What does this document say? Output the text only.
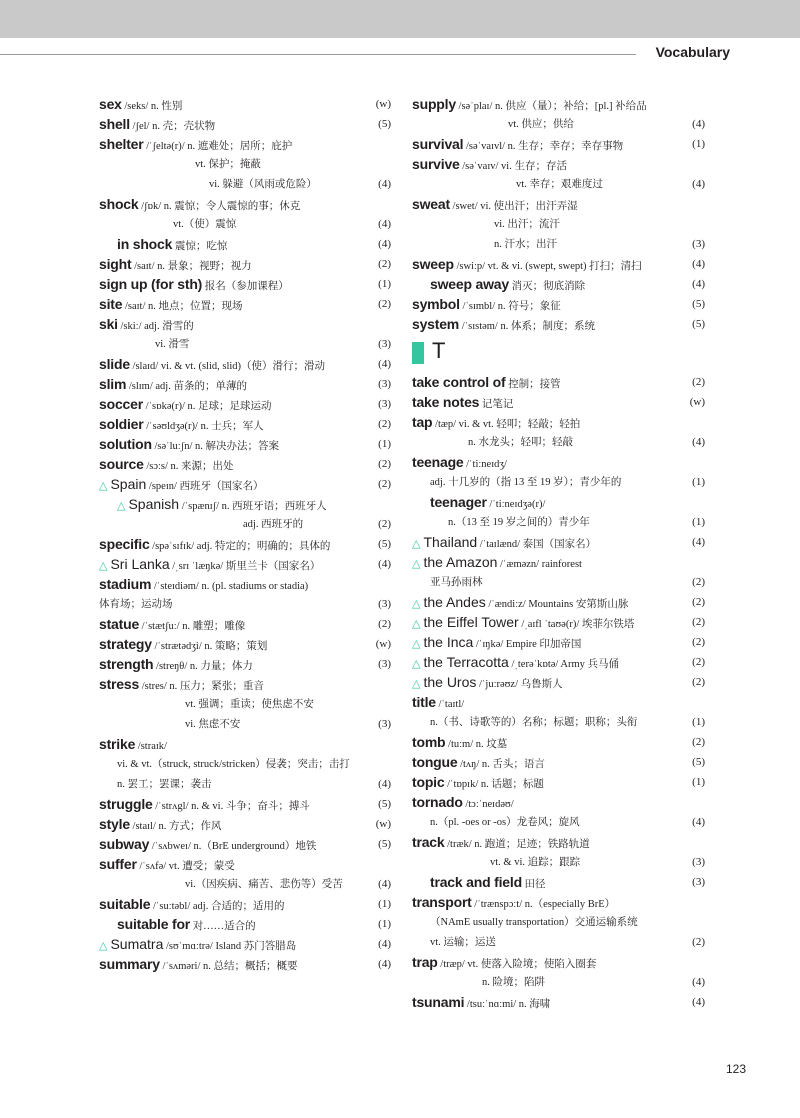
Vocabulary
sex /seks/ n. 性别	(w)
shell /ʃel/ n. 壳；壳状物	(5)
shelter /ˈʃeltə(r)/ n. 遮难处；居所；庇护
vt. 保护；掩蔽
vi. 躲避（风雨或危险）	(4)
shock /ʃɒk/ n. 震惊；令人震惊的事；休克
vt.（使）震惊	(4)
in shock 震惊；吃惊	(4)
sight /saɪt/ n. 景象；视野；视力	(2)
sign up (for sth) 报名（参加课程）	(1)
site /saɪt/ n. 地点；位置；现场	(2)
ski /skiː/ adj. 滑雪的
vi. 滑雪	(3)
slide /slaɪd/ vi. & vt. (slid, slid)（使）滑行；滑动	(4)
slim /slɪm/ adj. 苗条的；单薄的	(3)
soccer /ˈsɒkə(r)/ n. 足球；足球运动	(3)
soldier /ˈsəʊldʒə(r)/ n. 士兵；军人	(2)
solution /səˈluːʃn/ n. 解决办法；答案	(1)
source /sɔːs/ n. 来源；出处	(2)
△ Spain /speɪn/ 西班牙（国家名）	(2)
△ Spanish /ˈspænɪʃ/ n. 西班牙语；西班牙人
adj. 西班牙的	(2)
specific /spəˈsɪfɪk/ adj. 特定的；明确的；具体的	(5)
△ Sri Lanka /ˌsrɪ ˈlæŋkə/ 斯里兰卡（国家名）	(4)
stadium /ˈsteɪdiəm/ n. (pl. stadiums or stadia)
体育场；运动场	(3)
statue /ˈstætʃuː/ n. 雕塑；雕像	(2)
strategy /ˈstrætədʒi/ n. 策略；策划	(w)
strength /streŋθ/ n. 力量；体力	(3)
stress /stres/ n. 压力；紧张；重音
vt. 强调；重读；使焦虑不安
vi. 焦虑不安	(3)
strike /straɪk/
vi. & vt.（struck, struck/stricken）侵袭；突击；击打
n. 罢工；罢课；袭击	(4)
struggle /ˈstrʌgl/ n. & vi. 斗争；奋斗；搏斗	(5)
style /staɪl/ n. 方式；作风	(w)
subway /ˈsʌbweɪ/ n.（BrE underground）地铁	(5)
suffer /ˈsʌfə/ vt. 遭受；蒙受
vi.（因疾病、痛苦、悲伤等）受苦	(4)
suitable /ˈsuːtəbl/ adj. 合适的；适用的	(1)
suitable for 对……适合的	(1)
△ Sumatra /sʊˈmɑːtrə/ Island 苏门答腊岛	(4)
summary /ˈsʌməri/ n. 总结；概括；概要	(4)
supply /səˈplaɪ/ n. 供应（量）；补给；[pl.] 补给品
vt. 供应；供给	(4)
survival /səˈvaɪvl/ n. 生存；幸存；幸存事物	(1)
survive /səˈvaɪv/ vi. 生存；存活
vt. 幸存；艰难度过	(4)
sweat /swet/ vi. 使出汗；出汗弄湿
vi. 出汗；流汗
n. 汗水；出汗	(3)
sweep /swiːp/ vt. & vi. (swept, swept) 打扫；清扫	(4)
sweep away 消灭；彻底消除	(4)
symbol /ˈsɪmbl/ n. 符号；象征	(5)
system /ˈsɪstəm/ n. 体系；制度；系统	(5)
T
take control of 控制；接管	(2)
take notes 记笔记	(w)
tap /tæp/ vi. & vt. 轻叩；轻敲；轻拍
n. 水龙头；轻叩；轻敲	(4)
teenage /ˈtiːneɪdʒ/
adj. 十几岁的（指 13 至 19 岁）；青少年的	(1)
teenager /ˈtiːneɪdʒə(r)/
n.（13 至 19 岁之间的）青少年	(1)
△ Thailand /ˈtaɪlænd/ 泰国（国家名）	(4)
△ the Amazon /ˈæməzn/ rainforest
亚马孙雨林	(2)
△ the Andes /ˈændiːz/ Mountains 安第斯山脉	(2)
△ the Eiffel Tower /ˌaɪfl ˈtaʊə(r)/ 埃菲尔铁塔	(2)
△ the Inca /ˈɪŋkə/ Empire 印加帝国	(2)
△ the Terracotta /ˌterəˈkɒtə/ Army 兵马俑	(2)
△ the Uros /ˈjuːrəʊz/ 乌鲁斯人	(2)
title /ˈtaɪtl/
n.（书、诗歌等的）名称；标题；职称；头衔	(1)
tomb /tuːm/ n. 坟墓	(2)
tongue /tʌŋ/ n. 舌头；语言	(5)
topic /ˈtɒpɪk/ n. 话题；标题	(1)
tornado /tɔːˈneɪdəʊ/
n.（pl. -oes or -os）龙卷风；旋风	(4)
track /træk/ n. 跑道；足迹；铁路轨道
vt. & vi. 追踪；跟踪	(3)
track and field 田径	(3)
transport /ˈtrænspɔːt/ n.（especially BrE）
（NAmE usually transportation）交通运输系统
vt. 运输；运送	(2)
trap /træp/ vt. 使落入险境；使陷入圈套
n. 险境；陷阱	(4)
tsunami /tsuːˈnɑːmi/ n. 海啸	(4)
123
